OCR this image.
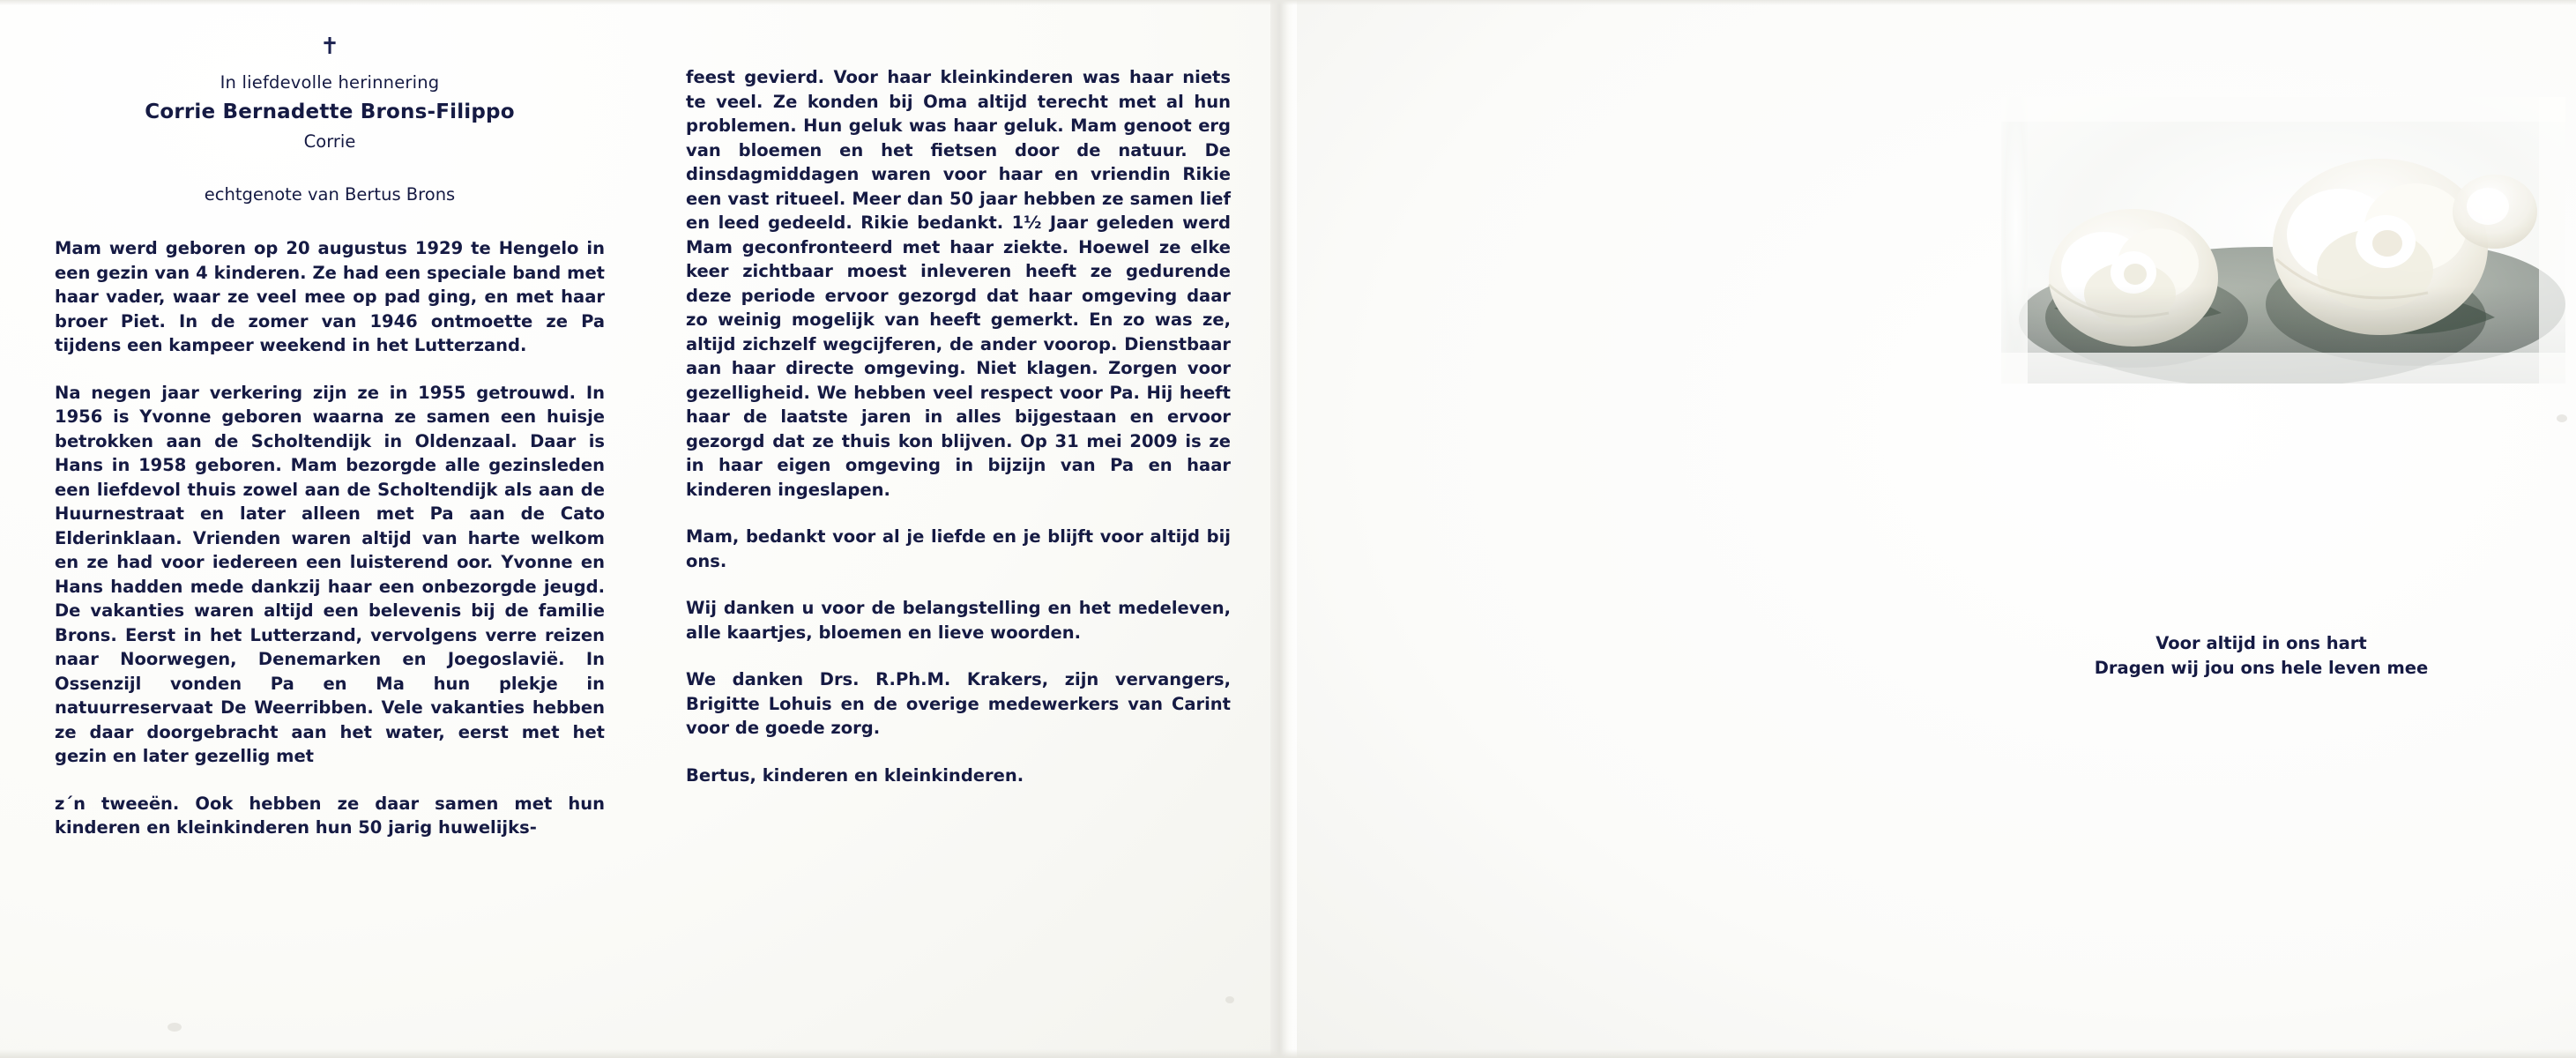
✝
In liefdevolle herinnering
Corrie Bernadette Brons-Filippo
Corrie
echtgenote van Bertus Brons

Mam werd geboren op 20 augustus 1929 te Hengelo in een gezin van 4 kinderen. Ze had een speciale band met haar vader, waar ze veel mee op pad ging, en met haar broer Piet. In de zomer van 1946 ontmoette ze Pa tijdens een kampeer weekend in het Lutterzand.

Na negen jaar verkering zijn ze in 1955 getrouwd. In 1956 is Yvonne geboren waarna ze samen een huisje betrokken aan de Scholtendijk in Oldenzaal. Daar is Hans in 1958 geboren. Mam bezorgde alle gezinsleden een liefdevol thuis zowel aan de Scholtendijk als aan de Huurnestraat en later alleen met Pa aan de Cato Elderinklaan. Vrienden waren altijd van harte welkom en ze had voor iedereen een luisterend oor. Yvonne en Hans hadden mede dankzij haar een onbezorgde jeugd. De vakanties waren altijd een belevenis bij de familie Brons. Eerst in het Lutterzand, vervolgens verre reizen naar Noorwegen, Denemarken en Joegoslavië. In Ossenzijl vonden Pa en Ma hun plekje in natuurreservaat De Weerribben. Vele vakanties hebben ze daar doorgebracht aan het water, eerst met het gezin en later gezellig met

z´n tweeën. Ook hebben ze daar samen met hun kinderen en kleinkinderen hun 50 jarig huwelijks-

feest gevierd. Voor haar kleinkinderen was haar niets te veel. Ze konden bij Oma altijd terecht met al hun problemen. Hun geluk was haar geluk. Mam genoot erg van bloemen en het fietsen door de natuur. De dinsdagmiddagen waren voor haar en vriendin Rikie een vast ritueel. Meer dan 50 jaar hebben ze samen lief en leed gedeeld. Rikie bedankt. 1½ Jaar geleden werd Mam geconfronteerd met haar ziekte. Hoewel ze elke keer zichtbaar moest inleveren heeft ze gedurende deze periode ervoor gezorgd dat haar omgeving daar zo weinig mogelijk van heeft gemerkt. En zo was ze, altijd zichzelf wegcijferen, de ander voorop. Dienstbaar aan haar directe omgeving. Niet klagen. Zorgen voor gezelligheid. We hebben veel respect voor Pa. Hij heeft haar de laatste jaren in alles bijgestaan en ervoor gezorgd dat ze thuis kon blijven. Op 31 mei 2009 is ze in haar eigen omgeving in bijzijn van Pa en haar kinderen ingeslapen.

Mam, bedankt voor al je liefde en je blijft voor altijd bij ons.

Wij danken u voor de belangstelling en het medeleven, alle kaartjes, bloemen en lieve woorden.

We danken Drs. R.Ph.M. Krakers, zijn vervangers, Brigitte Lohuis en de overige medewerkers van Carint voor de goede zorg.

Bertus, kinderen en kleinkinderen.

Voor altijd in ons hart
Dragen wij jou ons hele leven mee
